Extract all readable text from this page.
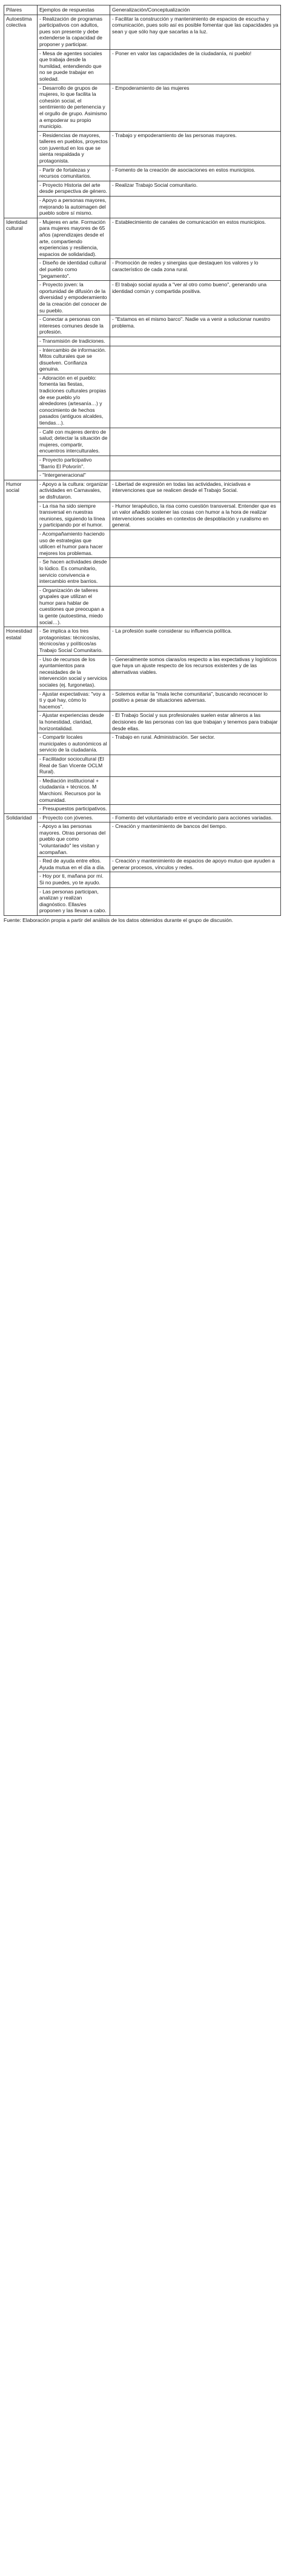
Pilares	Ejemplos de respuestas	Generalización/Conceptualización
Autoestima colectiva	- Realización de programas participativos con adultos, pues son presente y debe extenderse la capacidad de proponer y participar.	- Facilitar la construcción y mantenimiento de espacios de escucha y comunicación, pues solo así es posible fomentar que las capacidades ya sean y que sólo hay que sacarlas a la luz.
	- Mesa de agentes sociales que trabaja desde la humildad, entendiendo que no se puede trabajar en soledad.	- Poner en valor las capacidades de la ciudadanía, ni pueblo!
	- Desarrollo de grupos de mujeres, lo que facilita la cohesión social, el sentimiento de pertenencia y el orgullo de grupo. Asimismo a empoderar su propio municipio.	- Empoderamiento de las mujeres
	- Residencias de mayores, talleres en pueblos, proyectos con juventud en los que se sienta respaldada y protagonista.	- Trabajo y empoderamiento de las personas mayores.
	- Partir de fortalezas y recursos comunitarios.	- Fomento de la creación de asociaciones en estos municipios.
	- Proyecto Historia del arte desde perspectiva de género.	- Realizar Trabajo Social comunitario.
	- Apoyo a personas mayores, mejorando la autoimagen del pueblo sobre sí mismo.	
Identidad cultural	- Mujeres en arte. Formación para mujeres mayores de 65 años (aprendizajes desde el arte, compartiendo experiencias y resiliencia, espacios de solidaridad).	- Establecimiento de canales de comunicación en estos municipios.
	- Diseño de identidad cultural del pueblo como "pegamento".	- Promoción de redes y sinergias que destaquen los valores y lo característico de cada zona rural.
	- Proyecto joven: la oportunidad de difusión de la diversidad y empoderamiento de la creación del conocer de su pueblo.	- El trabajo social ayuda a "ver al otro como bueno", generando una identidad común y compartida positiva.
	- Conectar a personas con intereses comunes desde la profesión.	- "Estamos en el mismo barco". Nadie va a venir a solucionar nuestro problema.
	- Transmisión de tradiciones.	
	- Intercambio de información. Mitos culturales que se disuelven. Confianza genuina.	
	- Adoración en el pueblo: fomenta las fiestas, tradiciones culturales propias de ese pueblo y/o alrededores (artesanía…) y conocimiento de hechos pasados (antiguos alcaldes, tiendas…).	
	- Café con mujeres dentro de salud; detectar la situación de mujeres, compartir, encuentros interculturales.	
	- Proyecto participativo "Barrio El Polvorín".	
	- "Intergeneracional"	
Humor social	- Apoyo a la cultura: organizar actividades en Carnavales, se disfrutaron.	- Libertad de expresión en todas las actividades, iniciativas e intervenciones que se realicen desde el Trabajo Social.
	- La risa ha sido siempre transversal en nuestras reuniones, siguiendo la línea y participando por el humor.	- Humor terapéutico, la risa como cuestión transversal. Entender que es un valor añadido sostener las cosas con humor a la hora de realizar intervenciones sociales en contextos de despoblación y ruralismo en general.
	- Acompañamiento haciendo uso de estrategias que utilicen el humor para hacer mejores los problemas.	
	- Se hacen actividades desde lo lúdico. Es comunitario, servicio convivencia e intercambio entre barrios.	
	- Organización de talleres grupales que utilizan el humor para hablar de cuestiones que preocupan a la gente (autoestima, miedo social…).	
Honestidad estatal	- Se implica a los tres protagonistas: técnicos/as, técnicos/as y políticos/as Trabajo Social Comunitario.	- La profesión suele considerar su influencia política.
	- Uso de recursos de los ayuntamientos para necesidades de la intervención social y servicios sociales (ej. furgonetas).	- Generalmente somos claras/os respecto a las expectativas y logísticos que haya un ajuste respecto de los recursos existentes y de las alternativas viables.
	- Ajustar expectativas: "voy a ti y qué hay, cómo lo hacemos".	- Solemos evitar la "mala leche comunitaria", buscando reconocer lo positivo a pesar de situaciones adversas.
	- Ajustar experiencias desde la honestidad, claridad, horizontalidad.	- El Trabajo Social y sus profesionales suelen estar alineros a las decisiones de las personas con las que trabajan y tenemos para trabajar desde ellas.
	- Compartir locales municipales o autonómicos al servicio de la ciudadanía.	- Trabajo en rural. Administración. Ser sector.
	- Facilitador sociocultural (El Real de San Vicente OCLM Rural).	
	- Mediación institucional + ciudadanía + técnicos. M Marchioni. Recursos por la comunidad.	
	- Presupuestos participativos.	
Solidaridad	- Proyecto con jóvenes.	- Fomento del voluntariado entre el vecindario para acciones variadas.
	- Apoyo a las personas mayores. Otras personas del pueblo que como "voluntariado" les visitan y acompañan.	- Creación y mantenimiento de bancos del tiempo.
	- Red de ayuda entre ellos. Ayuda mutua en el día a día.	- Creación y mantenimiento de espacios de apoyo mutuo que ayuden a generar procesos, vínculos y redes.
	- Hoy por ti, mañana por mí. Si no puedes, yo te ayudo.	
	- Las personas participan, analizan y realizan diagnóstico. Ellas/es proponen y las llevan a cabo.	
Fuente: Elaboración propia a partir del análisis de los datos obtenidos durante el grupo de discusión.
